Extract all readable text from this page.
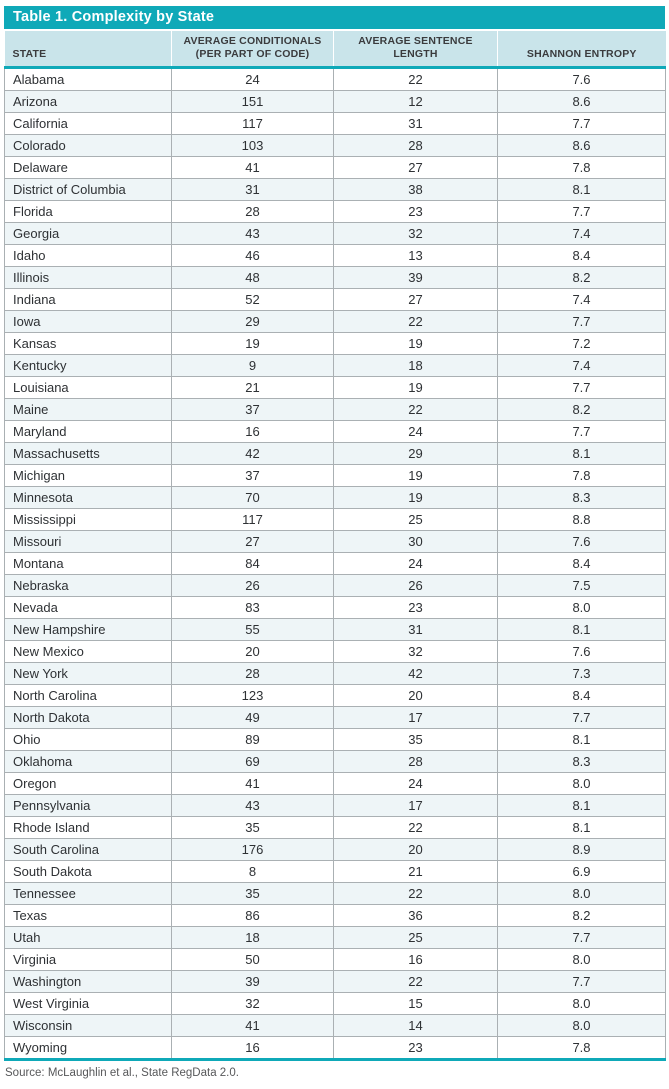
Table 1. Complexity by State
STATE	AVERAGE CONDITIONALS (PER PART OF CODE)	AVERAGE SENTENCE LENGTH	SHANNON ENTROPY
Alabama	24	22	7.6
Arizona	151	12	8.6
California	117	31	7.7
Colorado	103	28	8.6
Delaware	41	27	7.8
District of Columbia	31	38	8.1
Florida	28	23	7.7
Georgia	43	32	7.4
Idaho	46	13	8.4
Illinois	48	39	8.2
Indiana	52	27	7.4
Iowa	29	22	7.7
Kansas	19	19	7.2
Kentucky	9	18	7.4
Louisiana	21	19	7.7
Maine	37	22	8.2
Maryland	16	24	7.7
Massachusetts	42	29	8.1
Michigan	37	19	7.8
Minnesota	70	19	8.3
Mississippi	117	25	8.8
Missouri	27	30	7.6
Montana	84	24	8.4
Nebraska	26	26	7.5
Nevada	83	23	8.0
New Hampshire	55	31	8.1
New Mexico	20	32	7.6
New York	28	42	7.3
North Carolina	123	20	8.4
North Dakota	49	17	7.7
Ohio	89	35	8.1
Oklahoma	69	28	8.3
Oregon	41	24	8.0
Pennsylvania	43	17	8.1
Rhode Island	35	22	8.1
South Carolina	176	20	8.9
South Dakota	8	21	6.9
Tennessee	35	22	8.0
Texas	86	36	8.2
Utah	18	25	7.7
Virginia	50	16	8.0
Washington	39	22	7.7
West Virginia	32	15	8.0
Wisconsin	41	14	8.0
Wyoming	16	23	7.8
Source: McLaughlin et al., State RegData 2.0.
